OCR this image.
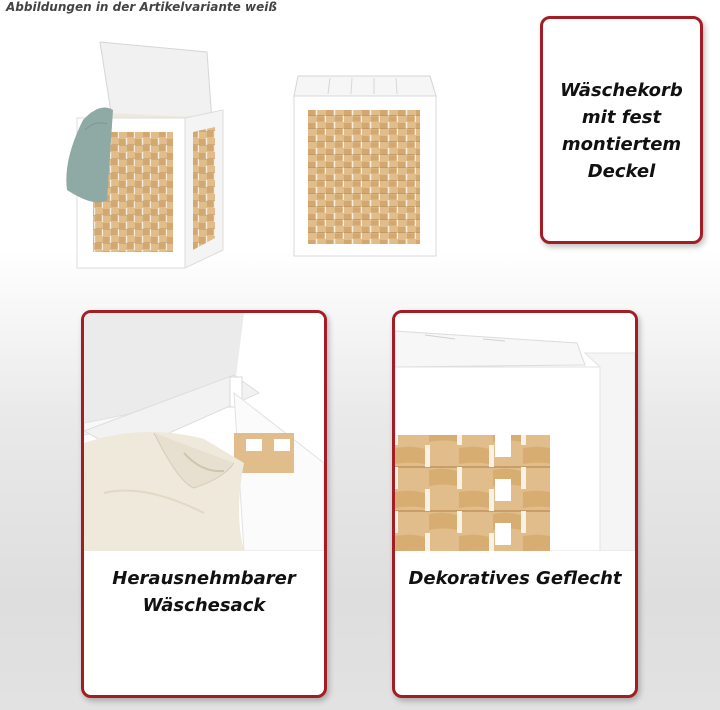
Abbildungen in der Artikelvariante weiß
Wäschekorb
mit fest
montiertem
Deckel
Herausnehmbarer
Wäschesack
Dekoratives Geflecht
